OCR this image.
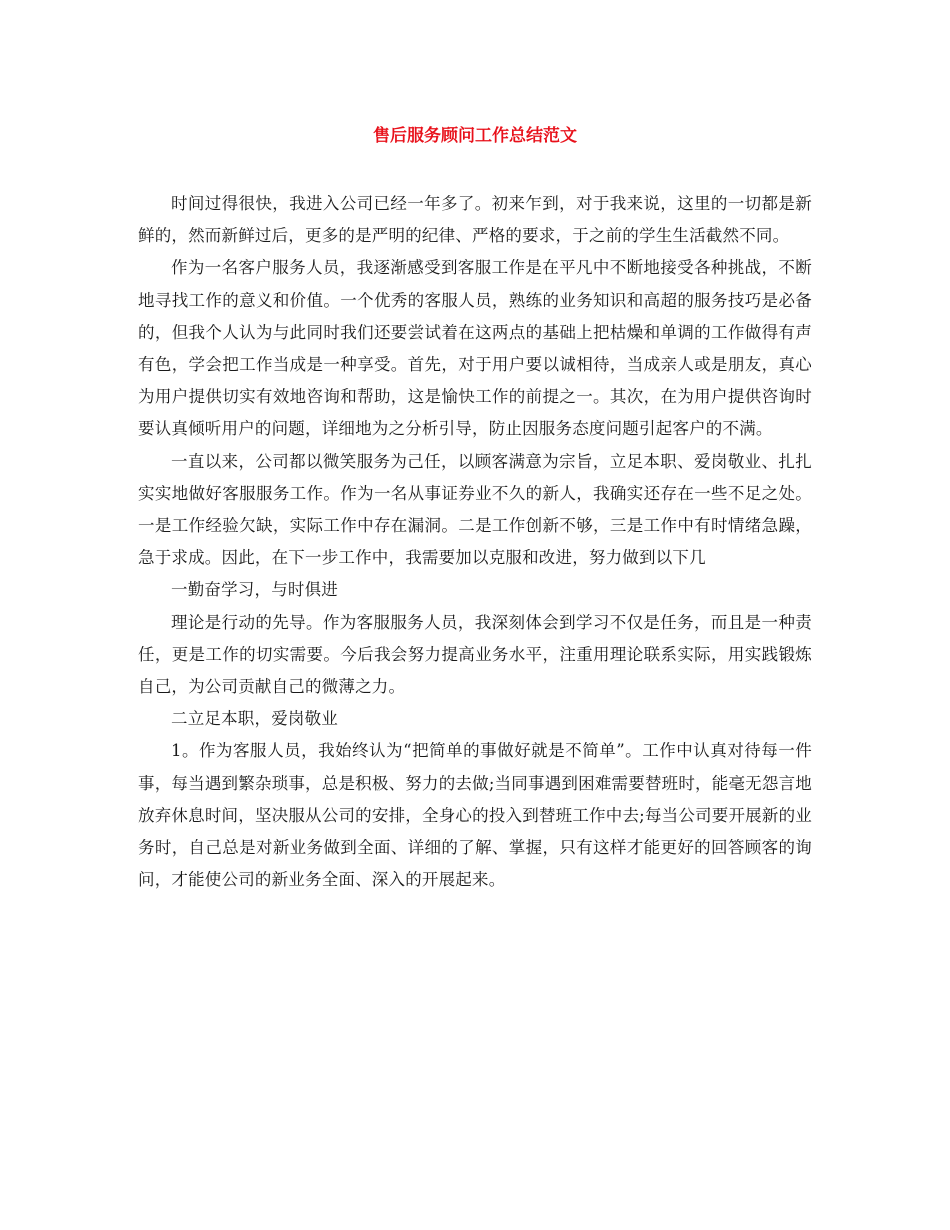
售后服务顾问工作总结范文

时间过得很快，我进入公司已经一年多了。初来乍到，对于我来说，这里的一切都是新鲜的，然而新鲜过后，更多的是严明的纪律、严格的要求，于之前的学生生活截然不同。

作为一名客户服务人员，我逐渐感受到客服工作是在平凡中不断地接受各种挑战，不断地寻找工作的意义和价值。一个优秀的客服人员，熟练的业务知识和高超的服务技巧是必备的，但我个人认为与此同时我们还要尝试着在这两点的基础上把枯燥和单调的工作做得有声有色，学会把工作当成是一种享受。首先，对于用户要以诚相待，当成亲人或是朋友，真心为用户提供切实有效地咨询和帮助，这是愉快工作的前提之一。其次，在为用户提供咨询时要认真倾听用户的问题，详细地为之分析引导，防止因服务态度问题引起客户的不满。

一直以来，公司都以微笑服务为己任，以顾客满意为宗旨，立足本职、爱岗敬业、扎扎实实地做好客服服务工作。作为一名从事证券业不久的新人，我确实还存在一些不足之处。一是工作经验欠缺，实际工作中存在漏洞。二是工作创新不够，三是工作中有时情绪急躁，急于求成。因此，在下一步工作中，我需要加以克服和改进，努力做到以下几

一勤奋学习，与时俱进

理论是行动的先导。作为客服服务人员，我深刻体会到学习不仅是任务，而且是一种责任，更是工作的切实需要。今后我会努力提高业务水平，注重用理论联系实际，用实践锻炼自己，为公司贡献自己的微薄之力。

二立足本职，爱岗敬业

1。作为客服人员，我始终认为“把简单的事做好就是不简单”。工作中认真对待每一件事，每当遇到繁杂琐事，总是积极、努力的去做;当同事遇到困难需要替班时，能毫无怨言地放弃休息时间，坚决服从公司的安排，全身心的投入到替班工作中去;每当公司要开展新的业务时，自己总是对新业务做到全面、详细的了解、掌握，只有这样才能更好的回答顾客的询问，才能使公司的新业务全面、深入的开展起来。
